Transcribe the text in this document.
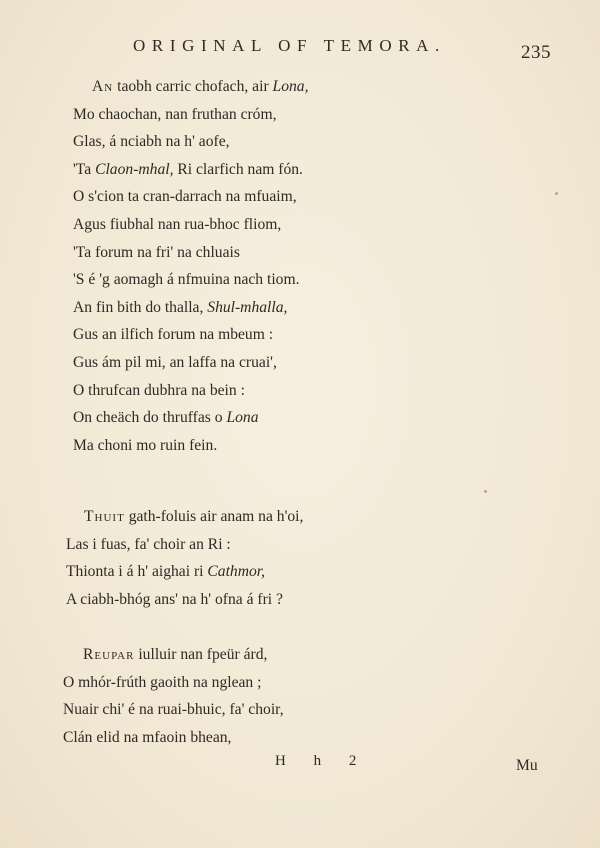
ORIGINAL OF TEMORA.	235
An taobh carric chofach, air Lona,
Mo chaochan, nan fruthan cróm,
Glas, á nciabh na h' aofe,
'Ta Claon-mhal, Ri clarfich nam fón.
O s'cion ta cran-darrach na mfuaim,
Agus fiubhal nan rua-bhoc fliom,
'Ta forum na fri' na chluais
'S é 'g aomagh á nfmuina nach tiom.
An fin bith do thalla, Shul-mhalla,
Gus an ilfich forum na mbeum :
Gus ám pil mi, an laffa na cruai',
O thrufcan dubhra na bein :
On cheäch do thruffas o Lona
Ma choni mo ruin fein.
Thuit gath-foluis air anam na h'oi,
Las i fuas, fa' choir an Ri :
Thionta i á h' aighai ri Cathmor,
A ciabh-bhóg ans' na h' ofna á fri ?
Reupar iulluir nan fpeür árd,
O mhór-frúth gaoith na nglean ;
Nuair chi' é na ruai-bhuic, fa' choir,
Clán elid na mfaoin bhean,
H h 2	Mu
